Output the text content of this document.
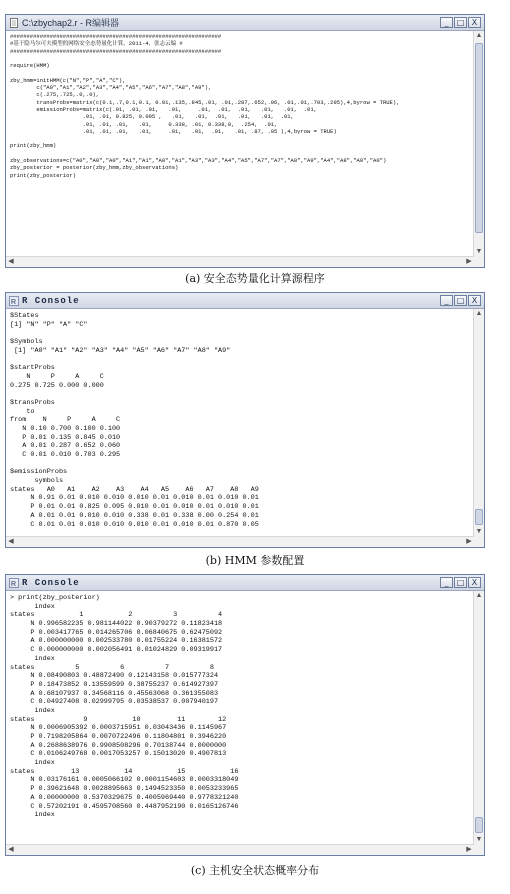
C:\zbychap2.r - R编辑器	_	□ X
################################################################
#基于隐马尔可夫模型的网络安全态势量化计算，2011-4，张志云编 #
################################################################

require(HMM)

zby_hmm=initHMM(c("N","P","A","C"),
c("A0","A1","A2","A3","A4","A5","A6","A7","A8","A9"),
c(.275,.725,.0,.0),
transProbs=matrix(c(0.1,.7,0.1,0.1, 0.01,.135,.845,.01, .01,.287,.652,.06, .01,.01,.703,.295),4,byrow = TRUE),
emissionProbs=matrix(c(.91, .01, .01,   .01,     .01,  .01,  .01,   .01,   .01,  .01,
.01, .01, 0.825, 0.095 ,   .01,   .01,  .01,   .01,   .01,  .01,
.01, .01, .01,   .01,     0.338, .01, 0.338,0,  .254,  .01,
.01, .01, .01,   .01,     .01,   .01,  .01,   .01, .87, .05 ),4,byrow = TRUE)

print(zby_hmm)

zby_observations=c("A0","A0","A0","A1","A1","A0","A1","A3","A3","A4","A5","A7","A7","A8","A9","A4","A8","A0","A0")
zby_posterior = posterior(zby_hmm,zby_observations)
print(zby_posterior)
▲
▼
◀	▶
(a) 安全态势量化计算源程序
R R Console	_	□ X
$States
[1] "N" "P" "A" "C"

$Symbols
[1] "A0" "A1" "A2" "A3" "A4" "A5" "A6" "A7" "A8" "A9"

$startProbs
N     P     A     C
0.275 0.725 0.000 0.000

$transProbs
to
from    N     P     A     C
N 0.10 0.700 0.100 0.100
P 0.01 0.135 0.845 0.010
A 0.01 0.287 0.652 0.060
C 0.01 0.010 0.703 0.295

$emissionProbs
symbols
states   A0   A1    A2    A3    A4   A5    A6   A7    A8   A9
N 0.91 0.01 0.010 0.010 0.010 0.01 0.010 0.01 0.010 0.01
P 0.01 0.01 0.825 0.095 0.010 0.01 0.010 0.01 0.010 0.01
A 0.01 0.01 0.010 0.010 0.338 0.01 0.338 0.00 0.254 0.01
C 0.01 0.01 0.010 0.010 0.010 0.01 0.010 0.01 0.870 0.05
▲
▼
◀	▶
(b) HMM 参数配置
R R Console	_	□ X
> print(zby_posterior)
index
states           1           2          3          4
N 0.996582235 0.981144022 0.90379272 0.11823418
P 0.003417765 0.014265706 0.06840675 0.62475092
A 0.000000000 0.002533780 0.01755224 0.16381572
C 0.000000000 0.002056491 0.01024829 0.09319917
index
states          5          6          7          8
N 0.08490803 0.48872490 0.12143158 0.015777324
P 0.18473852 0.13559599 0.38755237 0.614927397
A 0.68107937 0.34568116 0.45563068 0.361355083
C 0.04927408 0.02999795 0.03538537 0.007940197
index
states            9           10         11        12
N 0.0006905392 0.0003715951 0.03043436 0.1145967
P 0.7198205864 0.0070722496 0.11804801 0.3946220
A 0.2688638976 0.9908508296 0.70138744 0.0000000
C 0.0106249768 0.0017053257 0.15013020 0.4907813
index
states         13           14           15           16
N 0.03176161 0.0005066102 0.0001154603 0.0003318049
P 0.39621648 0.0028895663 0.1494523350 0.0053233965
A 0.00000000 0.5370329675 0.4005969440 0.9778321240
C 0.57202191 0.4595708560 0.4487952190 0.0165126746
index
▲
▼
◀	▶
(c) 主机安全状态概率分布
